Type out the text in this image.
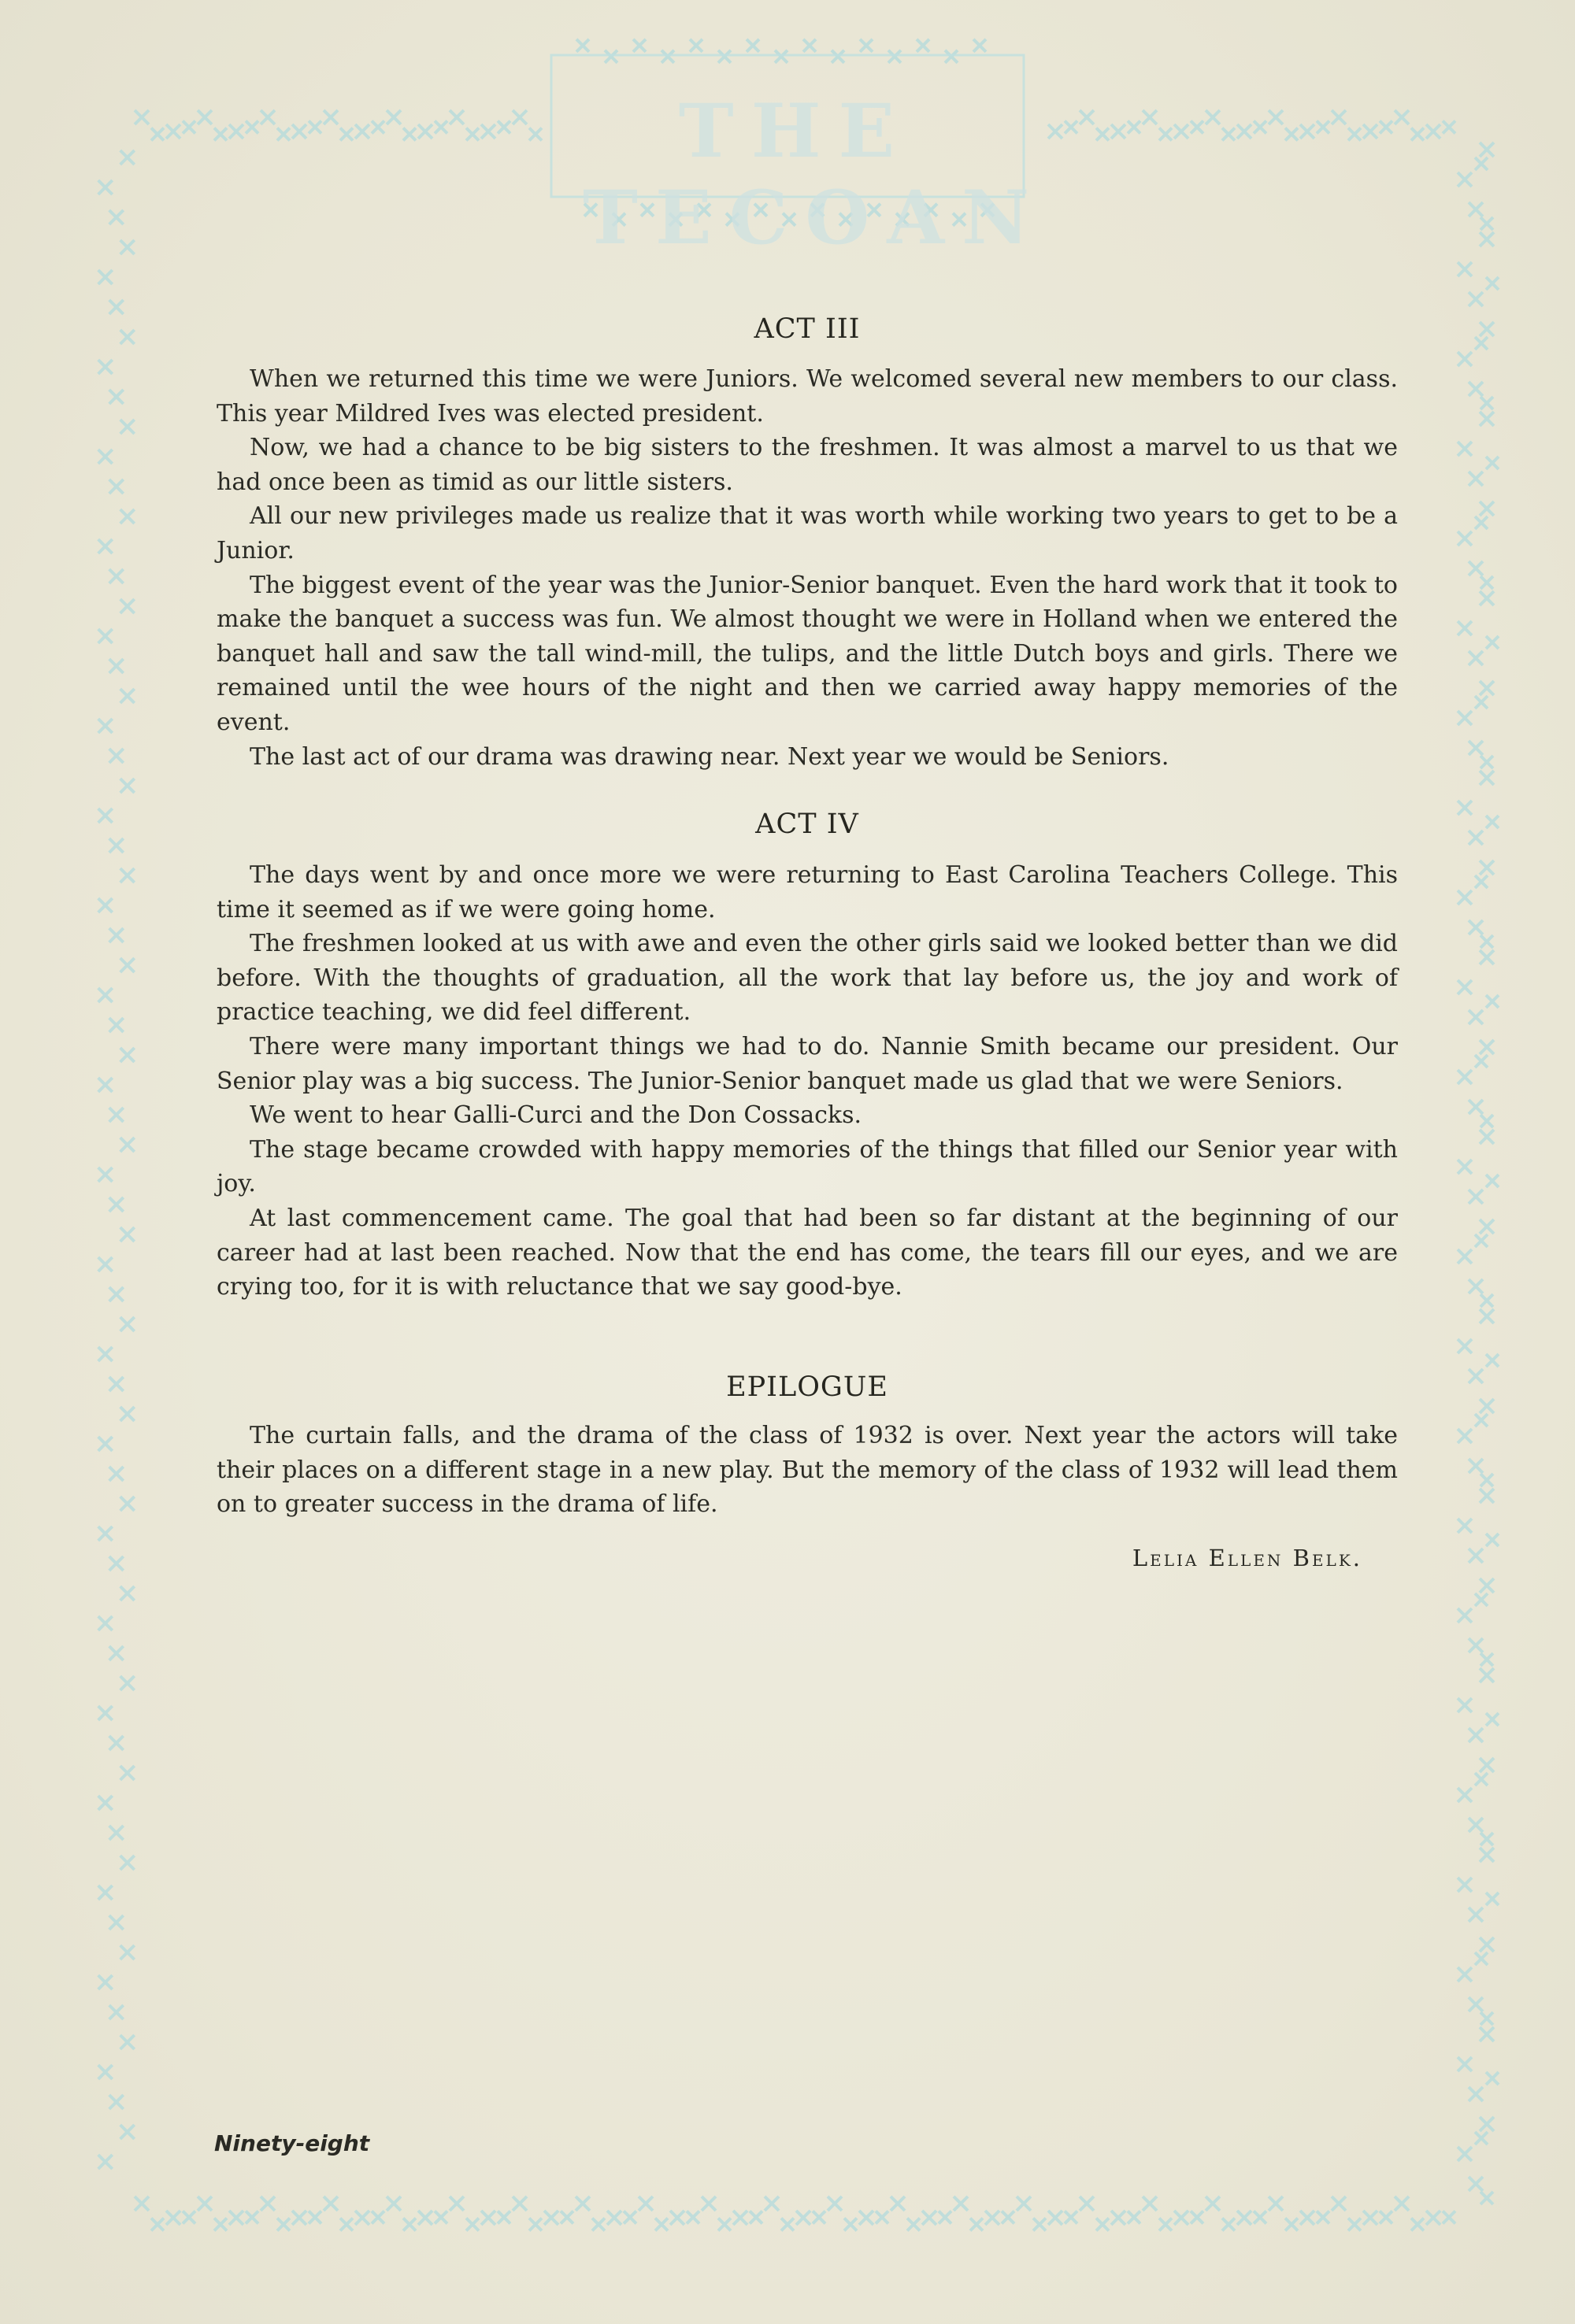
THE TECOAN
ACT III

When we returned this time we were Juniors. We welcomed several new members to our class. This year Mildred Ives was elected president.

Now, we had a chance to be big sisters to the freshmen. It was almost a marvel to us that we had once been as timid as our little sisters.

All our new privileges made us realize that it was worth while working two years to get to be a Junior.

The biggest event of the year was the Junior-Senior banquet. Even the hard work that it took to make the banquet a success was fun. We almost thought we were in Holland when we entered the banquet hall and saw the tall wind-mill, the tulips, and the little Dutch boys and girls. There we remained until the wee hours of the night and then we carried away happy memories of the event.

The last act of our drama was drawing near. Next year we would be Seniors.

ACT IV

The days went by and once more we were returning to East Carolina Teachers College. This time it seemed as if we were going home.

The freshmen looked at us with awe and even the other girls said we looked better than we did before. With the thoughts of graduation, all the work that lay before us, the joy and work of practice teaching, we did feel different.

There were many important things we had to do. Nannie Smith became our president. Our Senior play was a big success. The Junior-Senior banquet made us glad that we were Seniors.

We went to hear Galli-Curci and the Don Cossacks.

The stage became crowded with happy memories of the things that filled our Senior year with joy.

At last commencement came. The goal that had been so far distant at the beginning of our career had at last been reached. Now that the end has come, the tears fill our eyes, and we are crying too, for it is with reluctance that we say good-bye.

EPILOGUE

The curtain falls, and the drama of the class of 1932 is over. Next year the actors will take their places on a different stage in a new play. But the memory of the class of 1932 will lead them on to greater success in the drama of life.

Lelia Ellen Belk.
Ninety-eight
